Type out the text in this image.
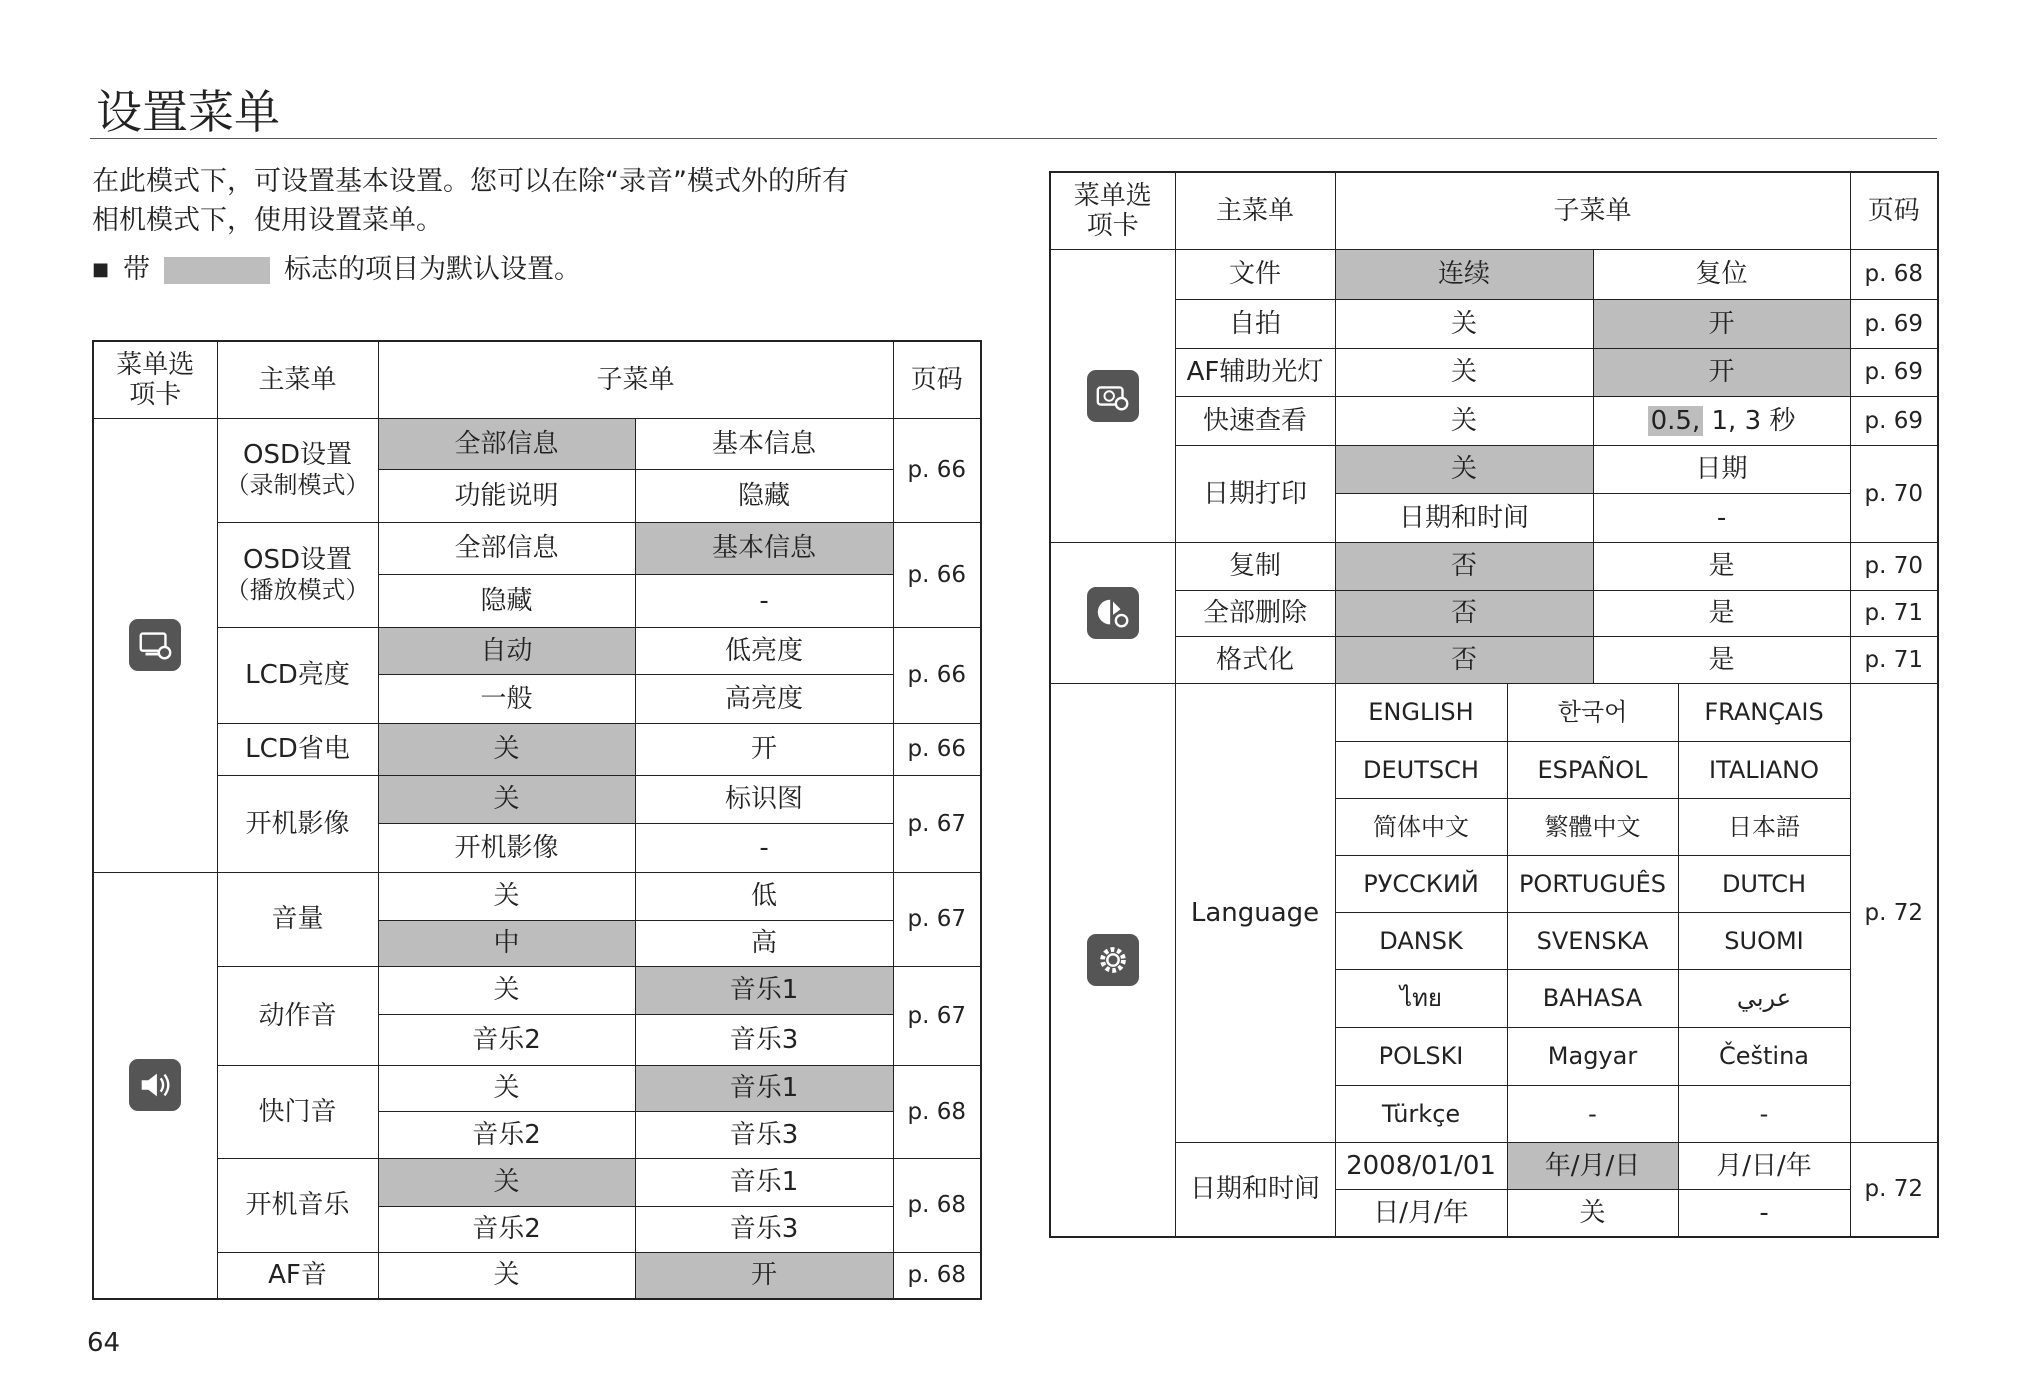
设置菜单
在此模式下，可设置基本设置。您可以在除“录音”模式外的所有
相机模式下，使用设置菜单。
■ 带	标志的项目为默认设置。
菜单选
项卡	主菜单	子菜单		页码

	OSD设置
（录制模式）	全部信息	基本信息	p. 66
		功能说明	隐藏	
	OSD设置
（播放模式）	全部信息	基本信息	p. 66
		隐藏	-	
	LCD亮度	自动	低亮度	p. 66
		一般	高亮度	
	LCD省电	关	开	p. 66
	开机影像	关	标识图	p. 67
		开机影像	-	

	音量	关	低	p. 67
		中	高	
	动作音	关	音乐1	p. 67
		音乐2	音乐3	
	快门音	关	音乐1	p. 68
		音乐2	音乐3	
	开机音乐	关	音乐1	p. 68
		音乐2	音乐3	
	AF音	关	开	p. 68
菜单选
项卡	主菜单	子菜单				页码

	文件	连续		复位		p. 68
	自拍	关		开		p. 69
	AF辅助光灯	关		开		p. 69
	快速查看	关		0.5, 1, 3 秒		p. 69
	日期打印	关		日期		p. 70
		日期和时间		-		

	复制	否		是		p. 70
	全部删除	否		是		p. 71
	格式化	否		是		p. 71

	Language	ENGLISH	한국어		FRANÇAIS	p. 72
		DEUTSCH	ESPAÑOL		ITALIANO	
		简体中文	繁體中文		日本語	
		РУССКИЙ	PORTUGUÊS		DUTCH	
		DANSK	SVENSKA		SUOMI	
		ไทย	BAHASA		عربي	
		POLSKI	Magyar		Čeština	
		Türkçe	-		-	
	日期和时间	2008/01/01	年/月/日		月/日/年	p. 72
		日/月/年	关		-	
64
